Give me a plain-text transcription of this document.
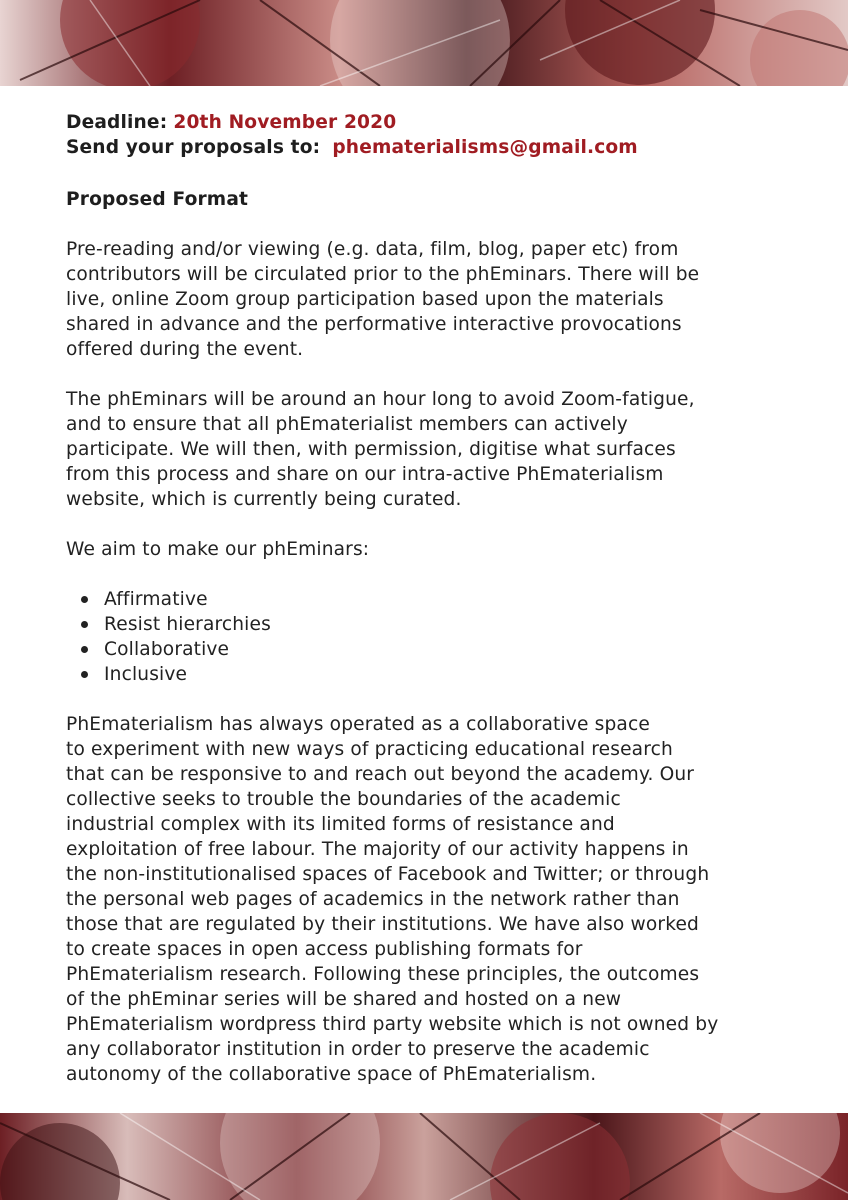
Deadline: 20th November 2020
Send your proposals to: phematerialisms@gmail.com
Proposed Format

Pre-reading and/or viewing (e.g. data, film, blog, paper etc) from
contributors will be circulated prior to the phEminars. There will be
live, online Zoom group participation based upon the materials
shared in advance and the performative interactive provocations
offered during the event.

The phEminars will be around an hour long to avoid Zoom-fatigue,
and to ensure that all phEmaterialist members can actively
participate. We will then, with permission, digitise what surfaces
from this process and share on our intra-active PhEmaterialism
website, which is currently being curated.

We aim to make our phEminars:

Affirmative
Resist hierarchies
Collaborative
Inclusive

PhEmaterialism has always operated as a collaborative space
to experiment with new ways of practicing educational research
that can be responsive to and reach out beyond the academy. Our
collective seeks to trouble the boundaries of the academic
industrial complex with its limited forms of resistance and
exploitation of free labour. The majority of our activity happens in
the non-institutionalised spaces of Facebook and Twitter; or through
the personal web pages of academics in the network rather than
those that are regulated by their institutions. We have also worked
to create spaces in open access publishing formats for
PhEmaterialism research. Following these principles, the outcomes
of the phEminar series will be shared and hosted on a new
PhEmaterialism wordpress third party website which is not owned by
any collaborator institution in order to preserve the academic
autonomy of the collaborative space of PhEmaterialism.
